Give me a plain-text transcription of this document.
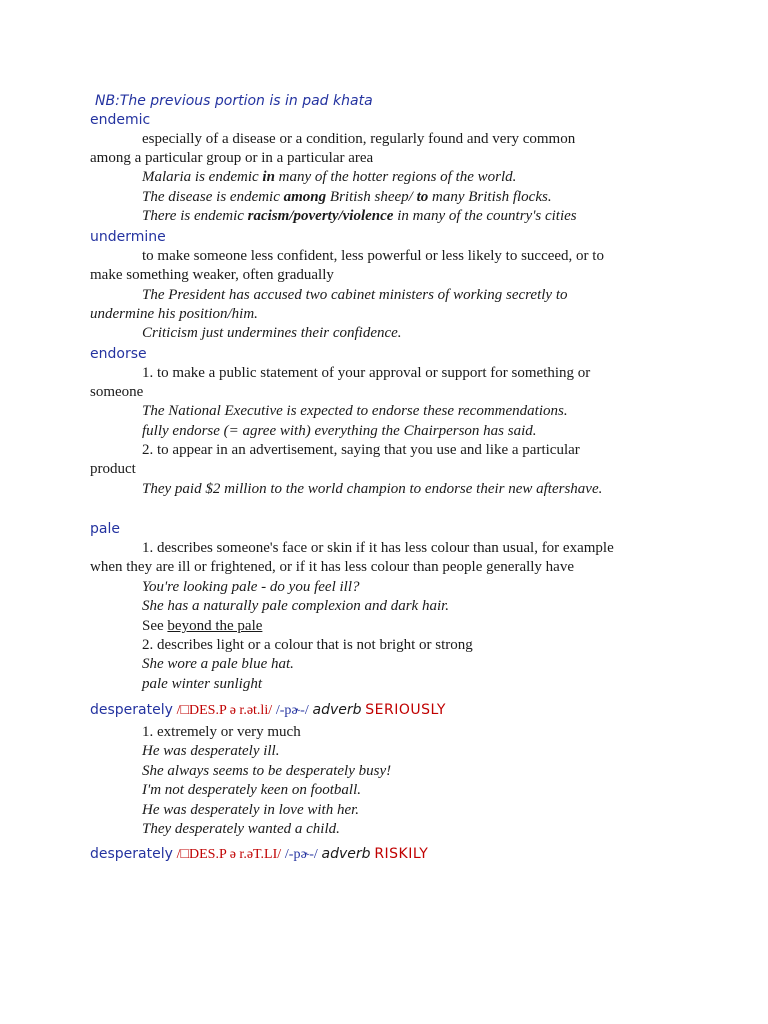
NB:The previous portion is in pad khata
endemic
especially of a disease or a condition, regularly found and very common
among a particular group or in a particular area
Malaria is endemic in many of the hotter regions of the world.
The disease is endemic among British sheep/ to many British flocks.
There is endemic racism/poverty/violence in many of the country's cities
undermine
to make someone less confident, less powerful or less likely to succeed, or to
make something weaker, often gradually
The President has accused two cabinet ministers of working secretly to
undermine his position/him.
Criticism just undermines their confidence.
endorse
1. to make a public statement of your approval or support for something or
someone
The National Executive is expected to endorse these recommendations.
fully endorse (= agree with) everything the Chairperson has said.
2. to appear in an advertisement, saying that you use and like a particular
product
They paid $2 million to the world champion to endorse their new aftershave.
pale
1. describes someone's face or skin if it has less colour than usual, for example
when they are ill or frightened, or if it has less colour than people generally have
You're looking pale - do you feel ill?
She has a naturally pale complexion and dark hair.
See beyond the pale
2. describes light or a colour that is not bright or strong
She wore a pale blue hat.
pale winter sunlight
desperately /□DES.P ə r.ət.li/ /-pɚ-/ adverb SERIOUSLY
1. extremely or very much
He was desperately ill.
She always seems to be desperately busy!
I'm not desperately keen on football.
He was desperately in love with her.
They desperately wanted a child.
desperately /□DES.P ə r.əT.LI/ /-pɚ-/ adverb RISKILY
